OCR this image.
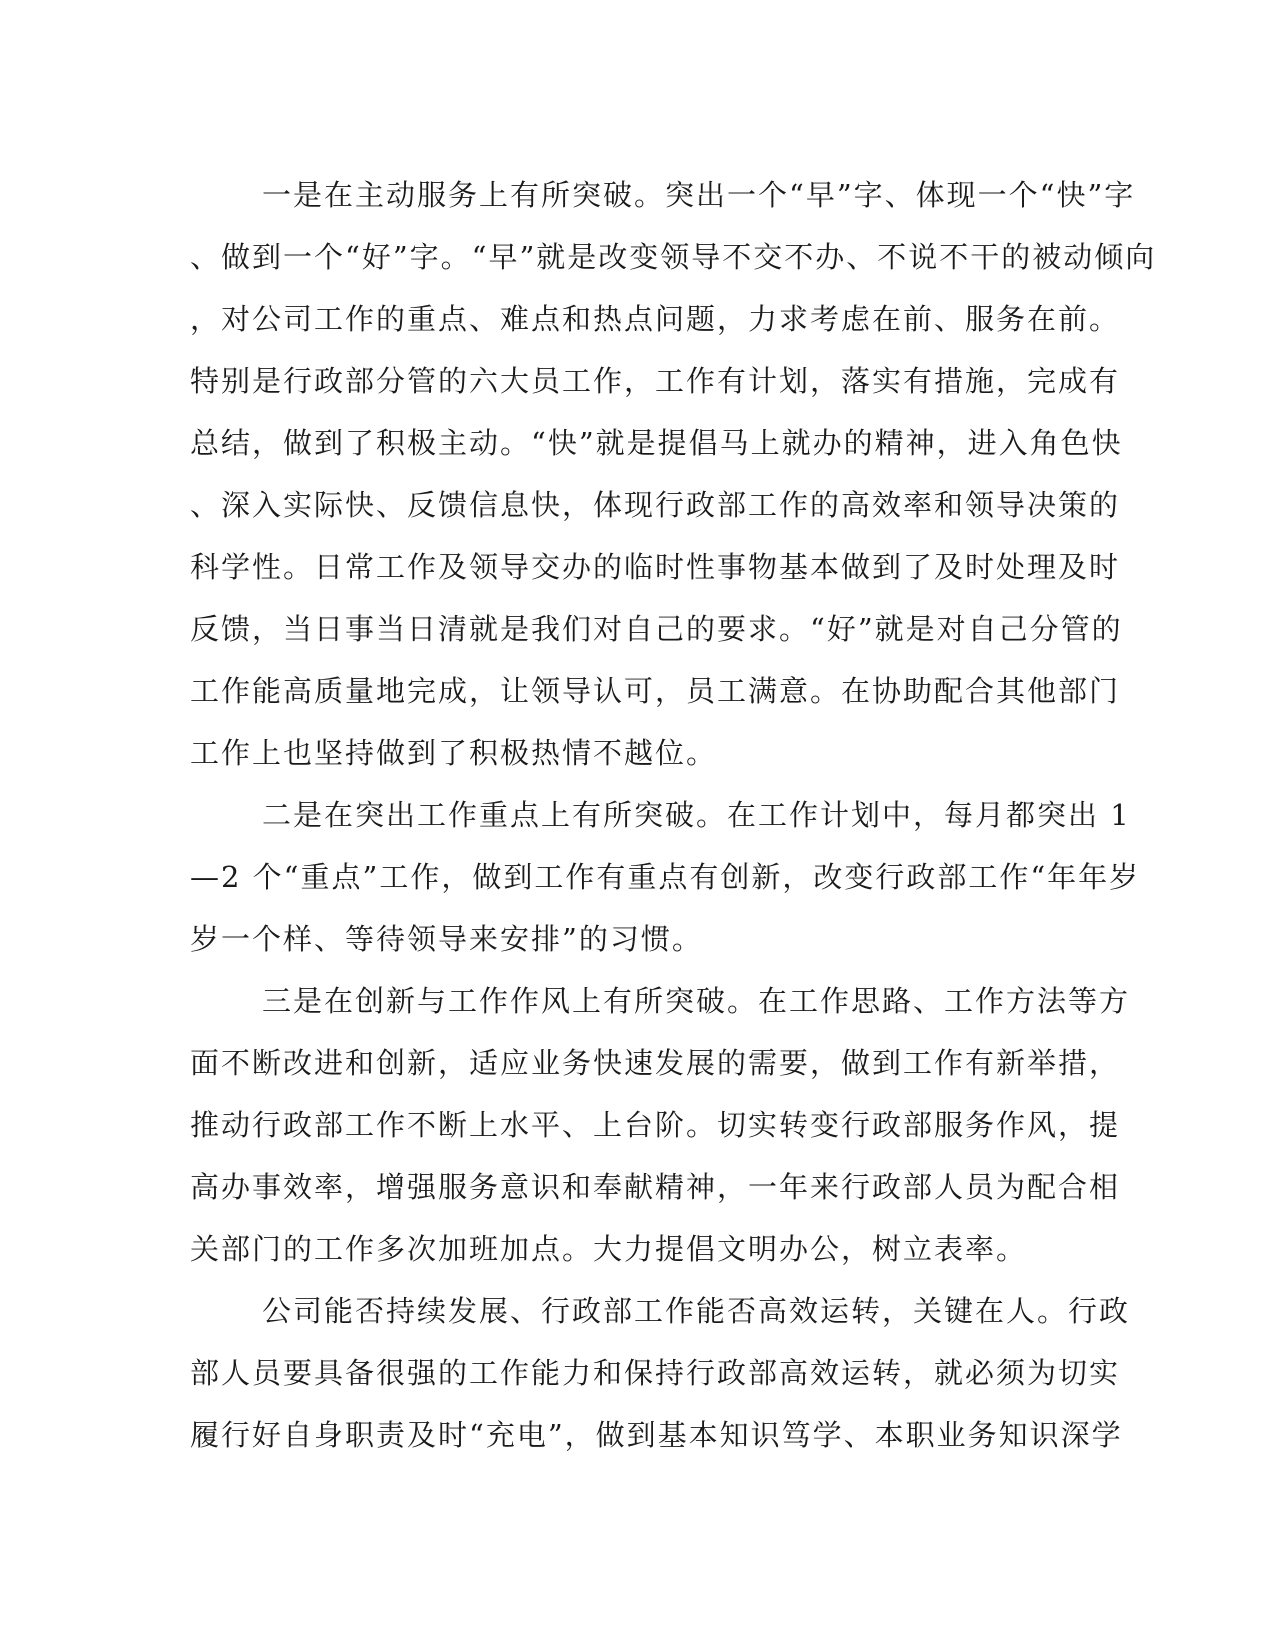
一是在主动服务上有所突破。突出一个“早”字、体现一个“快”字
、做到一个“好”字。“早”就是改变领导不交不办、不说不干的被动倾向
，对公司工作的重点、难点和热点问题，力求考虑在前、服务在前。
特别是行政部分管的六大员工作，工作有计划，落实有措施，完成有
总结，做到了积极主动。“快”就是提倡马上就办的精神，进入角色快
、深入实际快、反馈信息快，体现行政部工作的高效率和领导决策的
科学性。日常工作及领导交办的临时性事物基本做到了及时处理及时
反馈，当日事当日清就是我们对自己的要求。“好”就是对自己分管的
工作能高质量地完成，让领导认可，员工满意。在协助配合其他部门
工作上也坚持做到了积极热情不越位。
二是在突出工作重点上有所突破。在工作计划中，每月都突出 1
—2 个“重点”工作，做到工作有重点有创新，改变行政部工作“年年岁
岁一个样、等待领导来安排”的习惯。
三是在创新与工作作风上有所突破。在工作思路、工作方法等方
面不断改进和创新，适应业务快速发展的需要，做到工作有新举措，
推动行政部工作不断上水平、上台阶。切实转变行政部服务作风，提
高办事效率，增强服务意识和奉献精神，一年来行政部人员为配合相
关部门的工作多次加班加点。大力提倡文明办公，树立表率。
公司能否持续发展、行政部工作能否高效运转，关键在人。行政
部人员要具备很强的工作能力和保持行政部高效运转，就必须为切实
履行好自身职责及时“充电”，做到基本知识笃学、本职业务知识深学
